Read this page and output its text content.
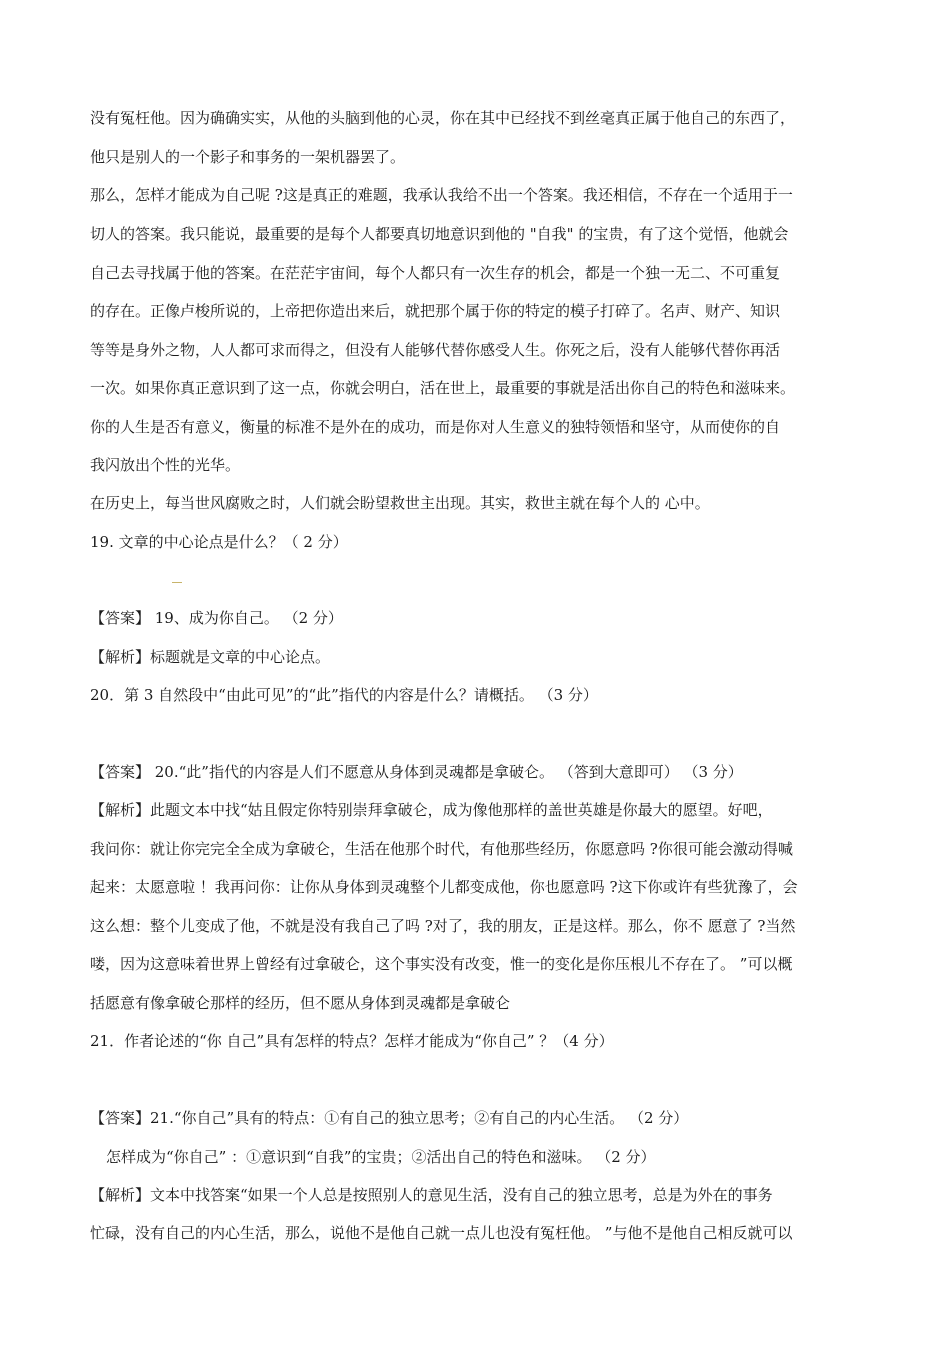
没有冤枉他。因为确确实实，从他的头脑到他的心灵，你在其中已经找不到丝毫真正属于他自己的东西了，
他只是别人的一个影子和事务的一架机器罢了。
那么，怎样才能成为自己呢 ?这是真正的难题，我承认我给不出一个答案。我还相信，不存在一个适用于一
切人的答案。我只能说，最重要的是每个人都要真切地意识到他的 "自我" 的宝贵，有了这个觉悟，他就会
自己去寻找属于他的答案。在茫茫宇宙间，每个人都只有一次生存的机会，都是一个独一无二、不可重复
的存在。正像卢梭所说的，上帝把你造出来后，就把那个属于你的特定的模子打碎了。名声、财产、知识
等等是身外之物，人人都可求而得之，但没有人能够代替你感受人生。你死之后，没有人能够代替你再活
一次。如果你真正意识到了这一点，你就会明白，活在世上，最重要的事就是活出你自己的特色和滋味来。
你的人生是否有意义，衡量的标准不是外在的成功，而是你对人生意义的独特领悟和坚守，从而使你的自
我闪放出个性的光华。
在历史上，每当世风腐败之时，人们就会盼望救世主出现。其实，救世主就在每个人的 心中。
19. 文章的中心论点是什么？（ 2 分）
【答案】 19、成为你自己。 （2 分）
【解析】标题就是文章的中心论点。
20．第 3 自然段中“由此可见”的“此”指代的内容是什么？请概括。 （3 分）
【答案】 20.“此”指代的内容是人们不愿意从身体到灵魂都是拿破仑。 （答到大意即可） （3 分）
【解析】此题文本中找“姑且假定你特别崇拜拿破仑，成为像他那样的盖世英雄是你最大的愿望。好吧，
我问你：就让你完完全全成为拿破仑，生活在他那个时代，有他那些经历，你愿意吗 ?你很可能会激动得喊
起来：太愿意啦 ！我再问你：让你从身体到灵魂整个儿都变成他，你也愿意吗 ?这下你或许有些犹豫了，会
这么想：整个儿变成了他，不就是没有我自己了吗 ?对了，我的朋友，正是这样。那么，你不 愿意了 ?当然
喽，因为这意味着世界上曾经有过拿破仑，这个事实没有改变，惟一的变化是你压根儿不存在了。 ”可以概
括愿意有像拿破仑那样的经历，但不愿从身体到灵魂都是拿破仑
21．作者论述的“你 自己”具有怎样的特点？怎样才能成为“你自己” ？（4 分）
【答案】21.“你自己”具有的特点：①有自己的独立思考；②有自己的内心生活。 （2 分）
怎样成为“你自己” ：①意识到“自我”的宝贵；②活出自己的特色和滋味。 （2 分）
【解析】文本中找答案“如果一个人总是按照别人的意见生活，没有自己的独立思考，总是为外在的事务
忙碌，没有自己的内心生活，那么，说他不是他自己就一点儿也没有冤枉他。 ”与他不是他自己相反就可以
